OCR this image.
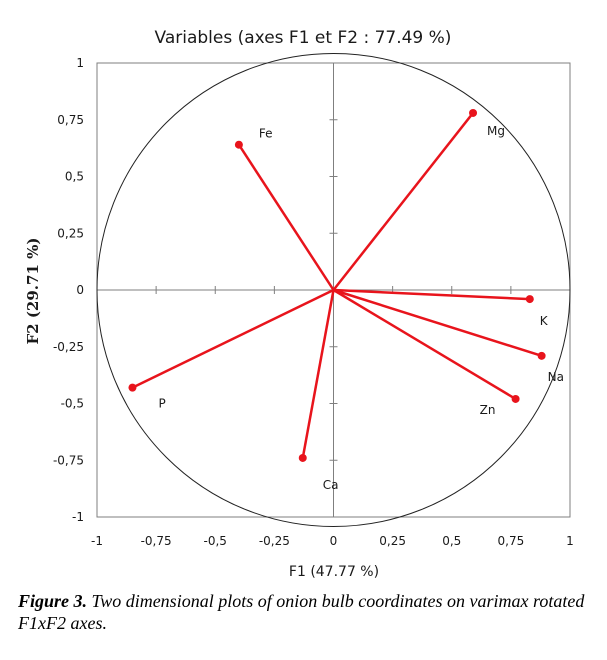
Variables (axes F1 et F2 : 77.49 %)
-1	-0,75	-0,5	-0,25	0	0,25	0,5	0,75	1
1
0,75
0,5
0,25
0
-0,25
-0,5
-0,75
-1
Fe	Mg
K
Na
Zn
Ca
P
F1 (47.77 %)
F2 (29.71 %)
Figure 3. Two dimensional plots of onion bulb coordinates on varimax rotated F1xF2 axes.
